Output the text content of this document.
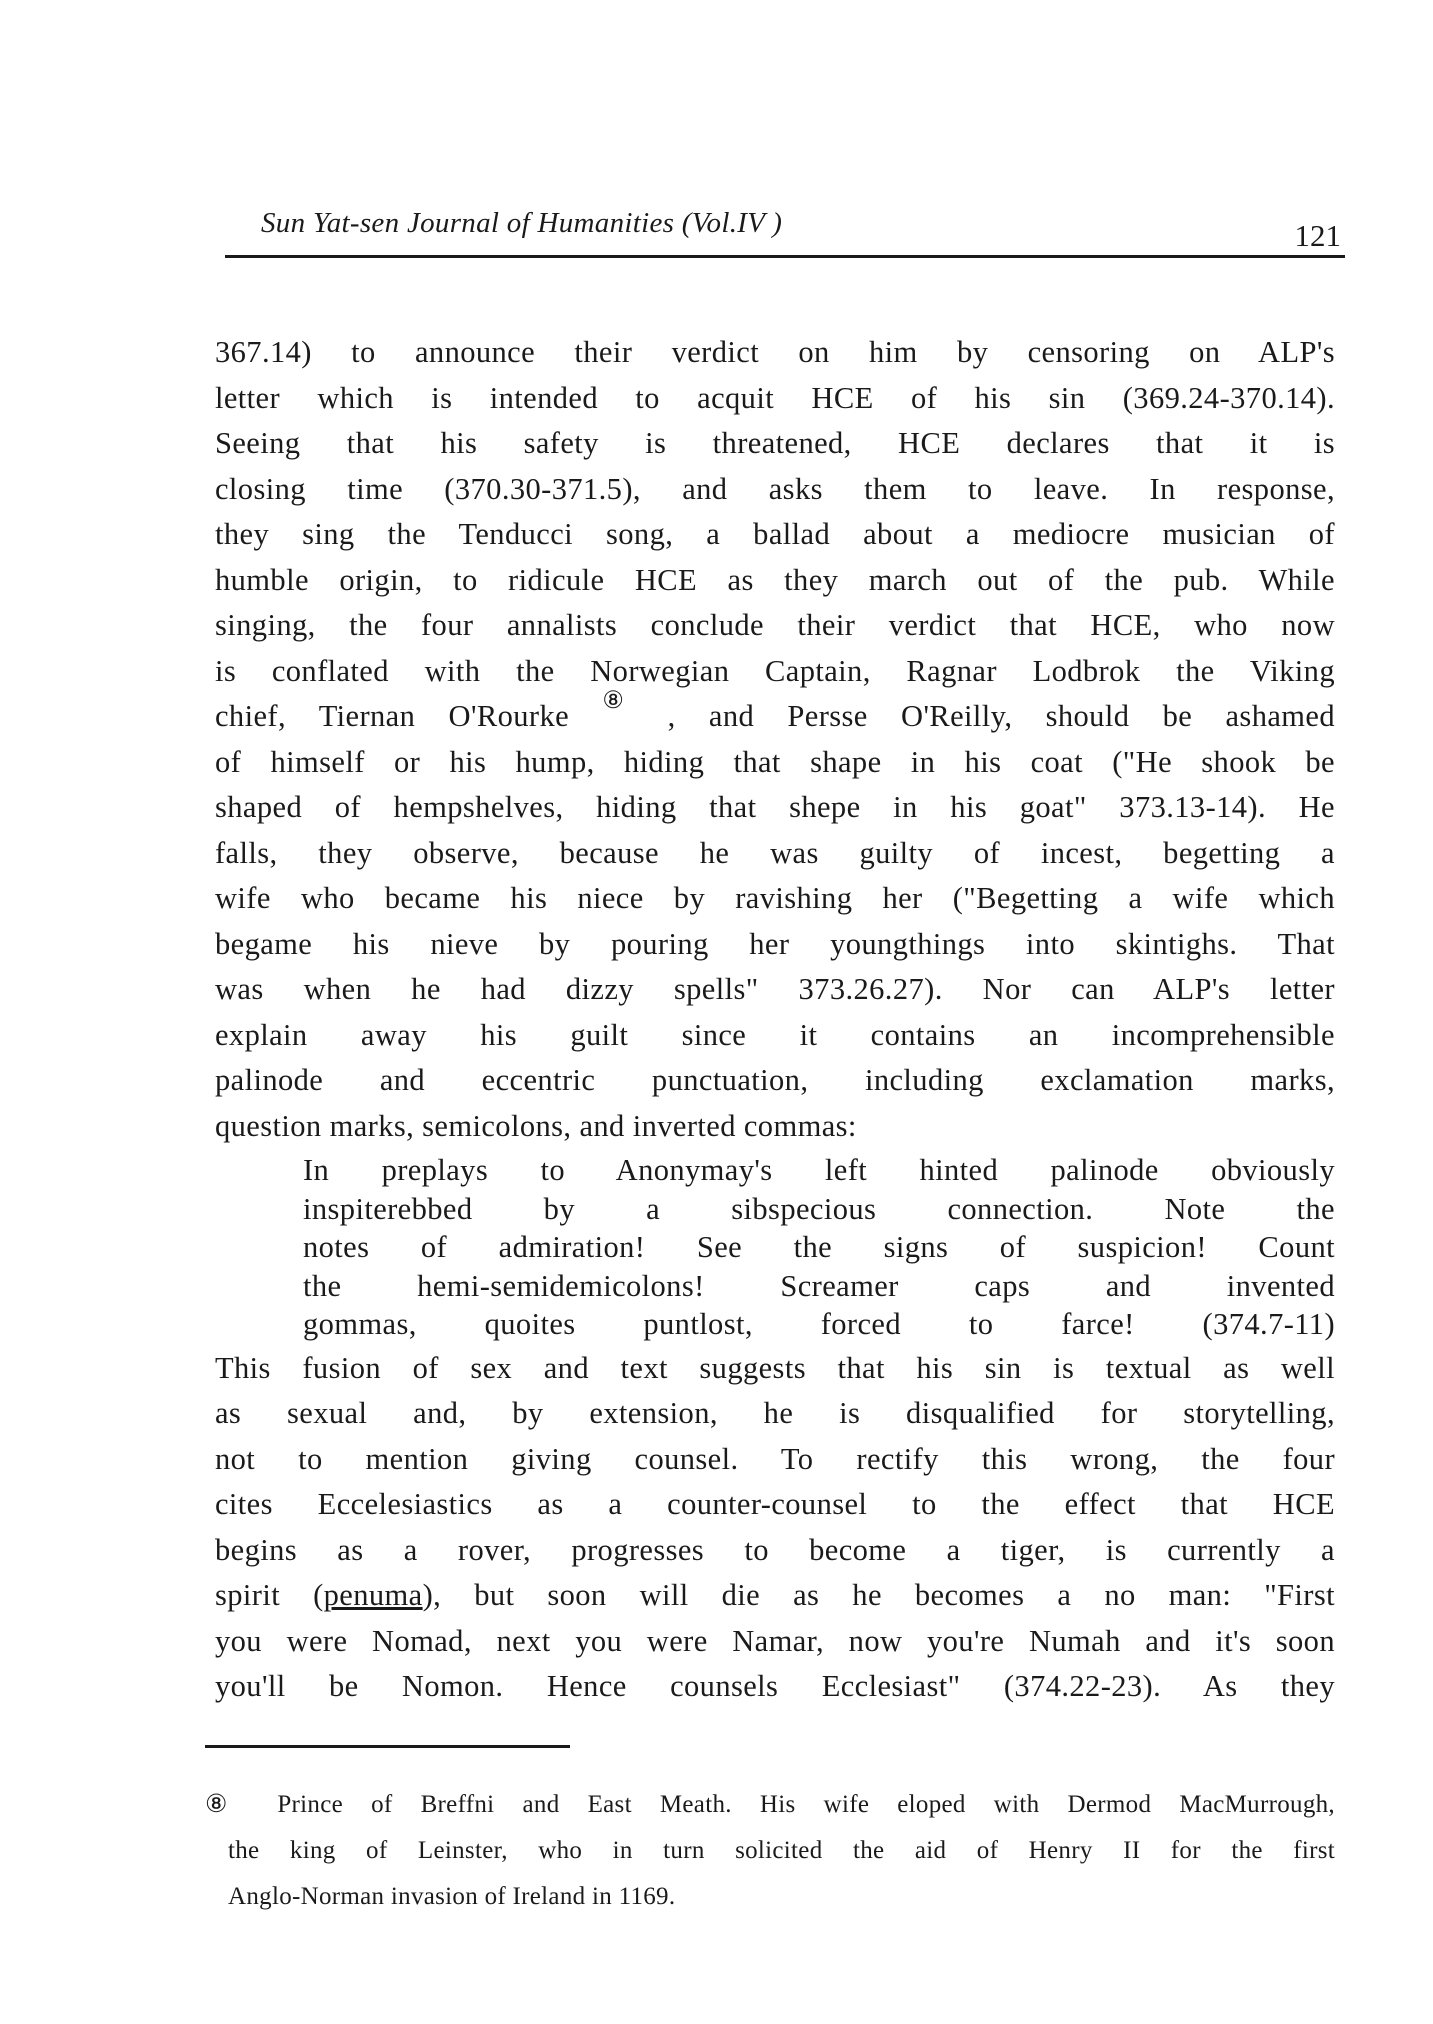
Sun Yat-sen Journal of Humanities (Vol.IV )	121
367.14) to announce their verdict on him by censoring on ALP's
letter which is intended to acquit HCE of his sin (369.24-370.14).
Seeing that his safety is threatened, HCE declares that it is
closing time (370.30-371.5), and asks them to leave. In response,
they sing the Tenducci song, a ballad about a mediocre musician of
humble origin, to ridicule HCE as they march out of the pub. While
singing, the four annalists conclude their verdict that HCE, who now
is conflated with the Norwegian Captain, Ragnar Lodbrok the Viking
chief, Tiernan O'Rourke ⑧ , and Persse O'Reilly, should be ashamed
of himself or his hump, hiding that shape in his coat ("He shook be
shaped of hempshelves, hiding that shepe in his goat" 373.13-14). He
falls, they observe, because he was guilty of incest, begetting a
wife who became his niece by ravishing her ("Begetting a wife which
begame his nieve by pouring her youngthings into skintighs. That
was when he had dizzy spells" 373.26.27). Nor can ALP's letter
explain away his guilt since it contains an incomprehensible
palinode and eccentric punctuation, including exclamation marks,
question marks, semicolons, and inverted commas:
In preplays to Anonymay's left hinted palinode obviously
inspiterebbed by a sibspecious connection. Note the
notes of admiration! See the signs of suspicion! Count
the hemi-semidemicolons! Screamer caps and invented
gommas, quoites puntlost, forced to farce! (374.7-11)
This fusion of sex and text suggests that his sin is textual as well
as sexual and, by extension, he is disqualified for storytelling,
not to mention giving counsel. To rectify this wrong, the four
cites Eccelesiastics as a counter-counsel to the effect that HCE
begins as a rover, progresses to become a tiger, is currently a
spirit (penuma), but soon will die as he becomes a no man: "First
you were Nomad, next you were Namar, now you're Numah and it's soon
you'll be Nomon. Hence counsels Ecclesiast" (374.22-23). As they
⑧ Prince of Breffni and East Meath. His wife eloped with Dermod MacMurrough,
the king of Leinster, who in turn solicited the aid of Henry II for the first
Anglo-Norman invasion of Ireland in 1169.
